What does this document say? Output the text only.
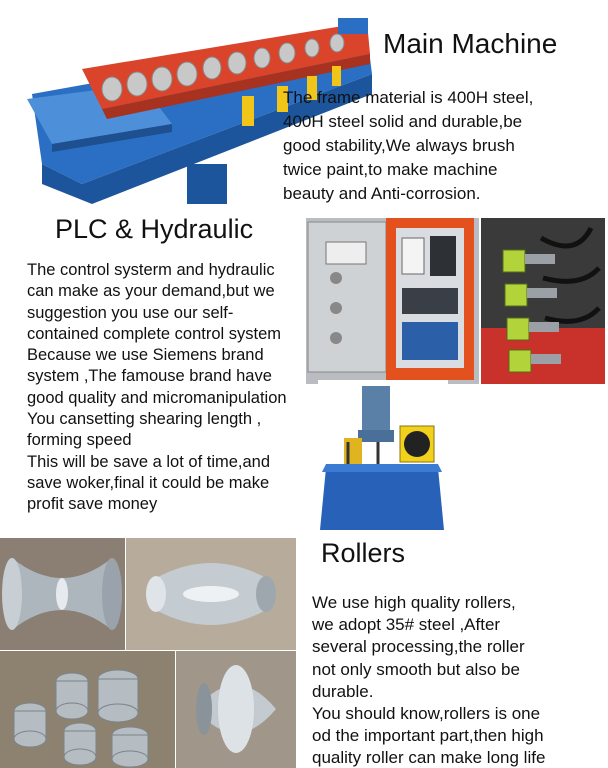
Main Machine
The frame material is 400H steel,
400H steel solid and durable,be
good stability,We always brush
twice paint,to make machine
beauty and Anti-corrosion.
PLC & Hydraulic
The control systerm and hydraulic
can make as your demand,but we
suggestion you use our self-
contained complete control system
Because we use Siemens brand
system ,The famouse brand have
good quality and micromanipulation
You cansetting shearing length ,
forming speed
This will be save a lot of time,and
save woker,final it could be make
profit save money
Rollers
We use high quality rollers,
we adopt 35# steel ,After
several processing,the roller
not only smooth but also be
durable.
You should know,rollers is one
od the important part,then high
quality roller can make long life
